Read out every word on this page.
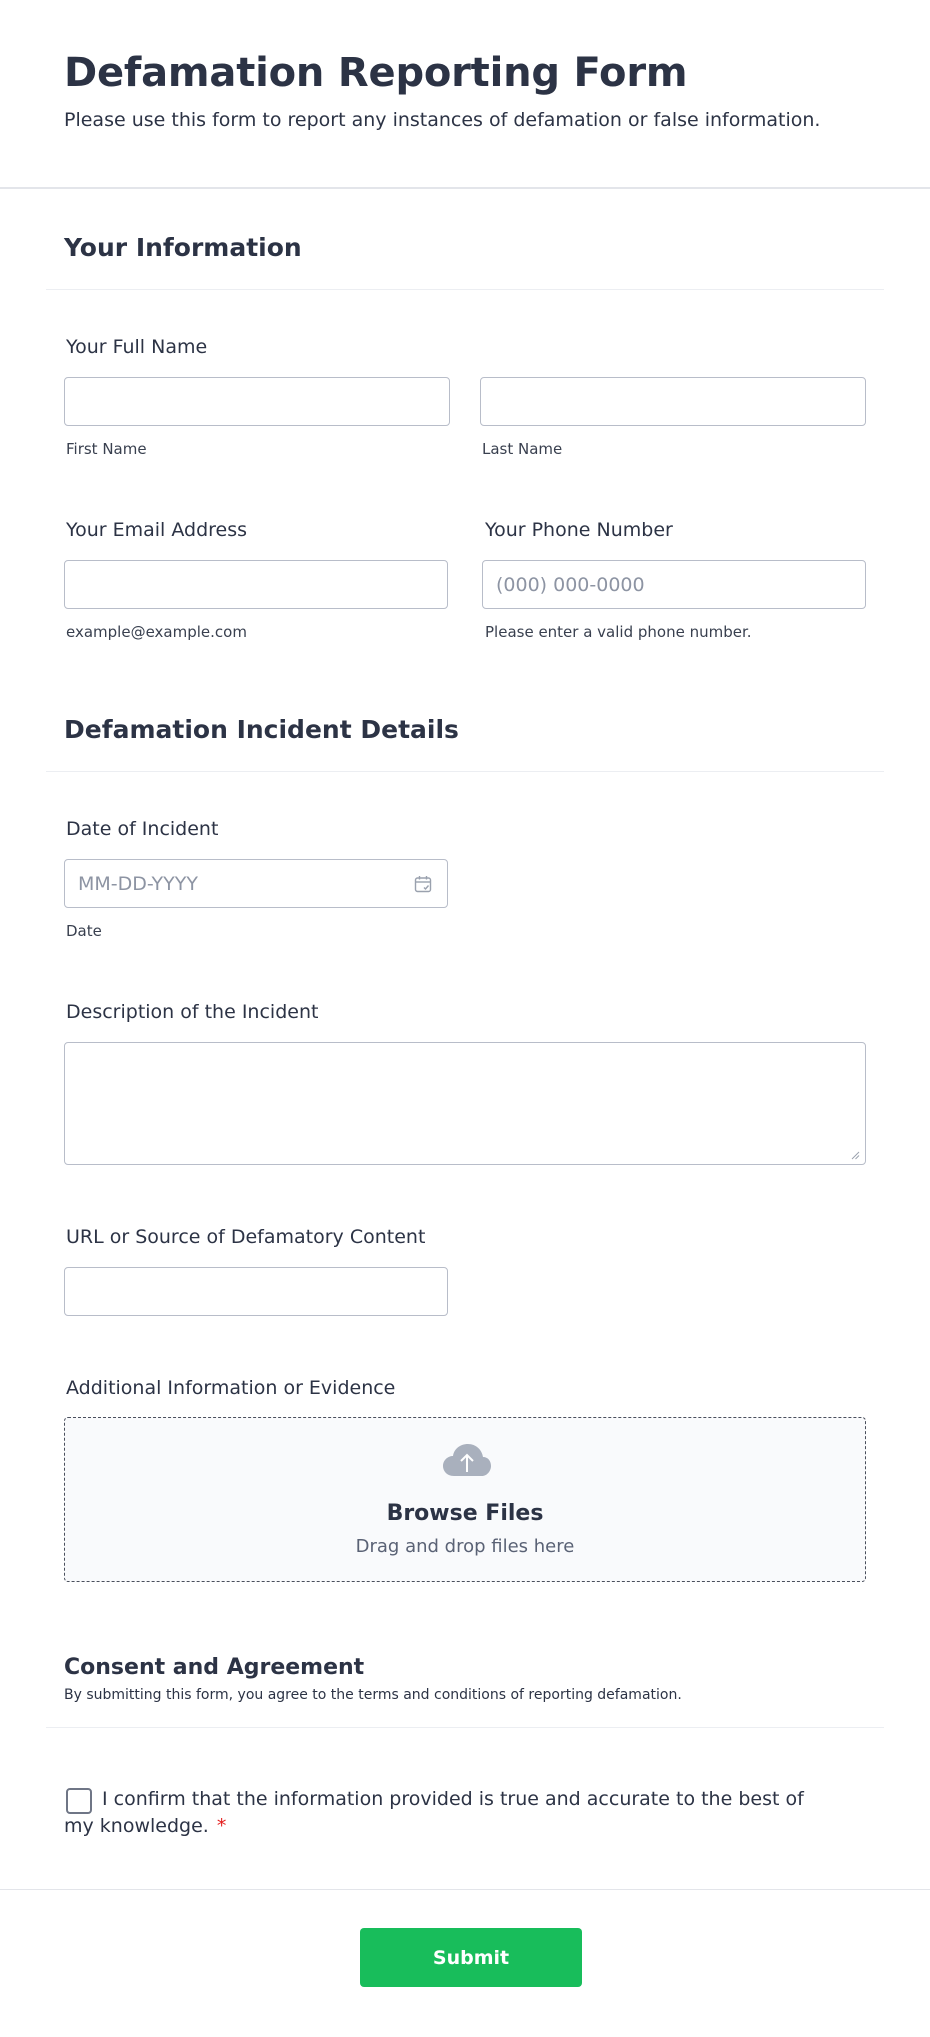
Defamation Reporting Form

Please use this form to report any instances of defamation or false information.

Your Information
Your Full Name
First Name	Last Name
Your Email Address
example@example.com
Your Phone Number
(000) 000-0000
Please enter a valid phone number.
Defamation Incident Details
Date of Incident
MM-DD-YYYY
Date
Description of the Incident
URL or Source of Defamatory Content
Additional Information or Evidence
Browse Files
Drag and drop files here
Consent and Agreement
By submitting this form, you agree to the terms and conditions of reporting defamation.
I confirm that the information provided is true and accurate to the best of my knowledge. *
Submit
